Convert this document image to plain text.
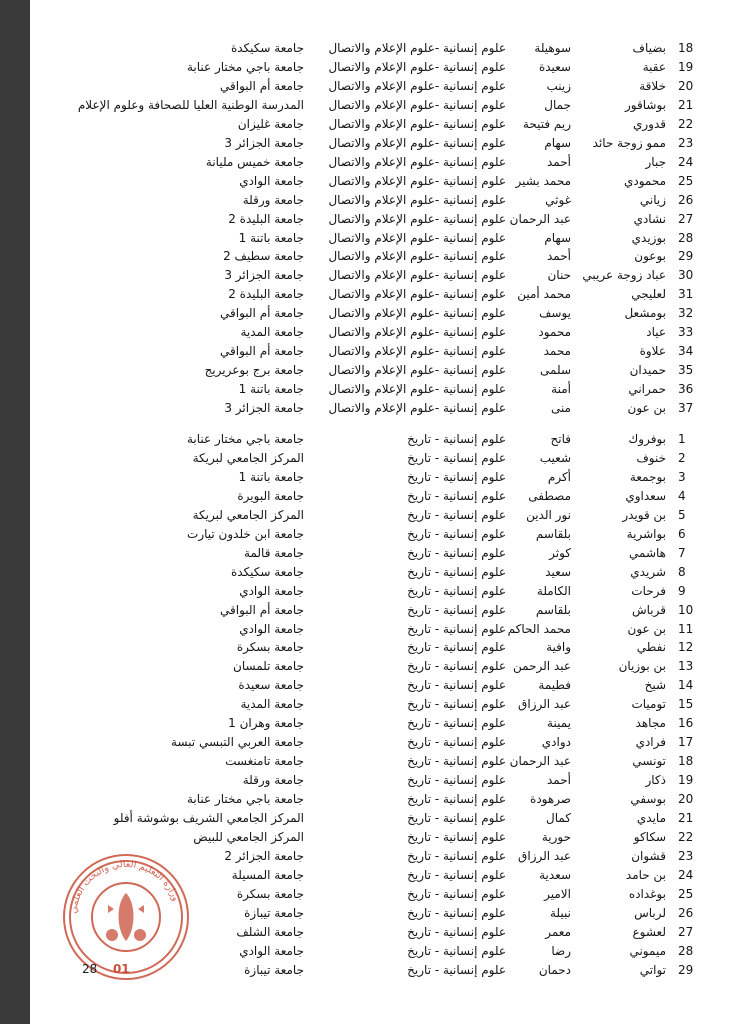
18
بضياف
سوهيلة
علوم إنسانية -علوم الإعلام والاتصال
جامعة سكيكدة
19
عقبة
سعيدة
علوم إنسانية -علوم الإعلام والاتصال
جامعة باجي مختار عنابة
20
خلاقة
زينب
علوم إنسانية -علوم الإعلام والاتصال
جامعة أم البواقي
21
بوشاقور
جمال
علوم إنسانية -علوم الإعلام والاتصال
المدرسة الوطنية العليا للصحافة وعلوم الإعلام
22
قدوري
ريم فتيحة
علوم إنسانية -علوم الإعلام والاتصال
جامعة غليزان
23
ممو زوجة حائد
سهام
علوم إنسانية -علوم الإعلام والاتصال
جامعة الجزائر 3
24
جبار
أحمد
علوم إنسانية -علوم الإعلام والاتصال
جامعة خميس مليانة
25
محمودي
محمد بشير
علوم إنسانية -علوم الإعلام والاتصال
جامعة الوادي
26
زياني
غوثي
علوم إنسانية -علوم الإعلام والاتصال
جامعة ورقلة
27
نشادي
عبد الرحمان
علوم إنسانية -علوم الإعلام والاتصال
جامعة البليدة 2
28
بوزيدي
سهام
علوم إنسانية -علوم الإعلام والاتصال
جامعة باتنة 1
29
بوعون
أحمد
علوم إنسانية -علوم الإعلام والاتصال
جامعة سطيف 2
30
عباد زوجة عريبي
حنان
علوم إنسانية -علوم الإعلام والاتصال
جامعة الجزائر 3
31
لعليجي
محمد أمين
علوم إنسانية -علوم الإعلام والاتصال
جامعة البليدة 2
32
بومشعل
يوسف
علوم إنسانية -علوم الإعلام والاتصال
جامعة أم البواقي
33
عياد
محمود
علوم إنسانية -علوم الإعلام والاتصال
جامعة المدية
34
علاوة
محمد
علوم إنسانية -علوم الإعلام والاتصال
جامعة أم البواقي
35
حميدان
سلمى
علوم إنسانية -علوم الإعلام والاتصال
جامعة برج بوعريريج
36
حمراني
أمنة
علوم إنسانية -علوم الإعلام والاتصال
جامعة باتنة 1
37
بن عون
منى
علوم إنسانية -علوم الإعلام والاتصال
جامعة الجزائر 3
1
بوفروك
فاتح
علوم إنسانية - تاريخ
جامعة باجي مختار عنابة
2
خنوف
شعيب
علوم إنسانية - تاريخ
المركز الجامعي لبريكة
3
بوجمعة
أكرم
علوم إنسانية - تاريخ
جامعة باتنة 1
4
سعداوي
مصطفى
علوم إنسانية - تاريخ
جامعة البويرة
5
بن قويدر
نور الدين
علوم إنسانية - تاريخ
المركز الجامعي لبريكة
6
بواشرية
بلقاسم
علوم إنسانية - تاريخ
جامعة ابن خلدون تيارت
7
هاشمي
كوثر
علوم إنسانية - تاريخ
جامعة قالمة
8
شريدي
سعيد
علوم إنسانية - تاريخ
جامعة سكيكدة
9
فرحات
الكاملة
علوم إنسانية - تاريخ
جامعة الوادي
10
قرباش
بلقاسم
علوم إنسانية - تاريخ
جامعة أم البواقي
11
بن عون
محمد الحاكم
علوم إنسانية - تاريخ
جامعة الوادي
12
نفطي
وافية
علوم إنسانية - تاريخ
جامعة بسكرة
13
بن بوزيان
عبد الرحمن
علوم إنسانية - تاريخ
جامعة تلمسان
14
شيخ
فطيمة
علوم إنسانية - تاريخ
جامعة سعيدة
15
توميات
عبد الرزاق
علوم إنسانية - تاريخ
جامعة المدية
16
مجاهد
يمينة
علوم إنسانية - تاريخ
جامعة وهران 1
17
فرادي
دوادي
علوم إنسانية - تاريخ
جامعة العربي التبسي تبسة
18
تونسي
عبد الرحمان
علوم إنسانية - تاريخ
جامعة تامنغست
19
ذكار
أحمد
علوم إنسانية - تاريخ
جامعة ورقلة
20
بوسفي
صرهودة
علوم إنسانية - تاريخ
جامعة باجي مختار عنابة
21
مايدي
كمال
علوم إنسانية - تاريخ
المركز الجامعي الشريف بوشوشة أفلو
22
سكاكو
حورية
علوم إنسانية - تاريخ
المركز الجامعي للبيض
23
قشوان
عبد الرزاق
علوم إنسانية - تاريخ
جامعة الجزائر 2
24
بن حامد
سعدية
علوم إنسانية - تاريخ
جامعة المسيلة
25
بوغداده
الامير
علوم إنسانية - تاريخ
جامعة بسكرة
26
لرباس
نبيلة
علوم إنسانية - تاريخ
جامعة تيبازة
27
لعشوع
معمر
علوم إنسانية - تاريخ
جامعة الشلف
28
ميموني
رضا
علوم إنسانية - تاريخ
جامعة الوادي
29
تواتي
دحمان
علوم إنسانية - تاريخ
جامعة تيبازة
وزارة التعليم العالي والبحث العلمي
28 01
